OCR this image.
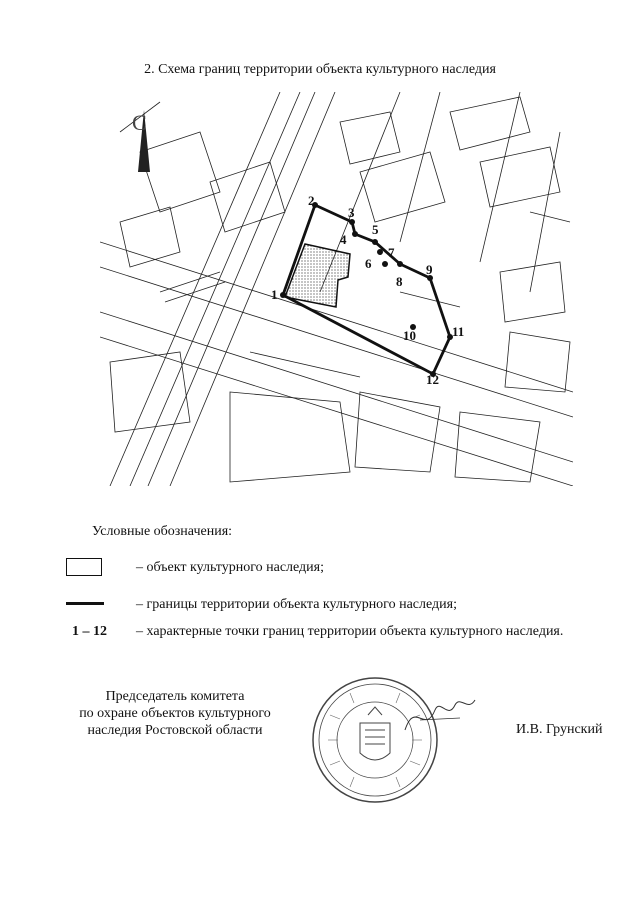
2. Схема границ территории объекта культурного наследия
С
1
2
3
4
5
6
7
8
9
10	11
12
Условные обозначения:
– объект культурного наследия;
– границы территории объекта культурного наследия;
1 – 12 – характерные точки границ территории объекта культурного наследия.
Председатель комитета
по охране объектов культурного
наследия Ростовской области	И.В. Грунский
